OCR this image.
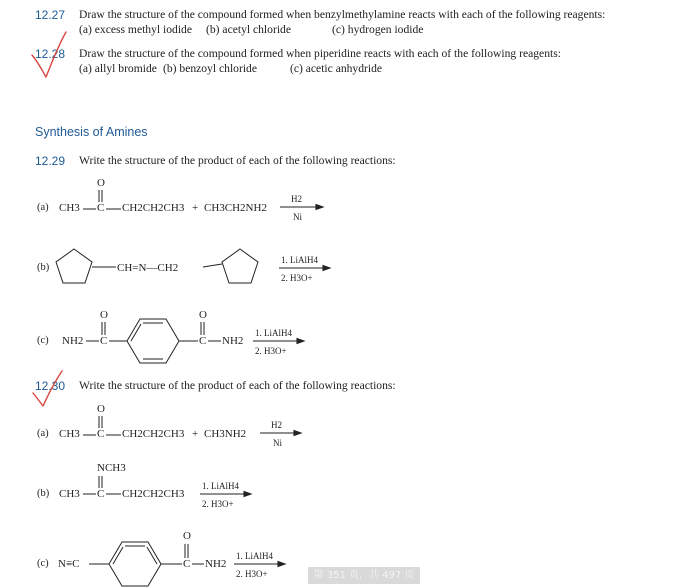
12.27 Draw the structure of the compound formed when benzylmethylamine reacts with each of the following reagents:
(a) excess methyl iodide (b) acetyl chloride	(c) hydrogen iodide
12.28 Draw the structure of the compound formed when piperidine reacts with each of the following reagents:
(a) allyl bromide (b) benzoyl chloride	(c) acetic anhydride
Synthesis of Amines
12.29 Write the structure of the product of each of the following reactions:
(a) CH3
O
C CH2CH2CH3 + CH3CH2NH2
H2
Ni
(b)	CH=N—CH2
1. LiAlH4
2. H3O+
(c) NH2
O
C
O
C NH2
1. LiAlH4
2. H3O+
12.30 Write the structure of the product of each of the following reactions:
(a) CH3
O
C CH2CH2CH3 + CH3NH2
H2
Ni
(b) CH3
NCH3
C CH2CH2CH3
1. LiAlH4
2. H3O+
(c) N≡C
O
C NH2
1. LiAlH4
2. H3O+	第 351 页，共 497 页
